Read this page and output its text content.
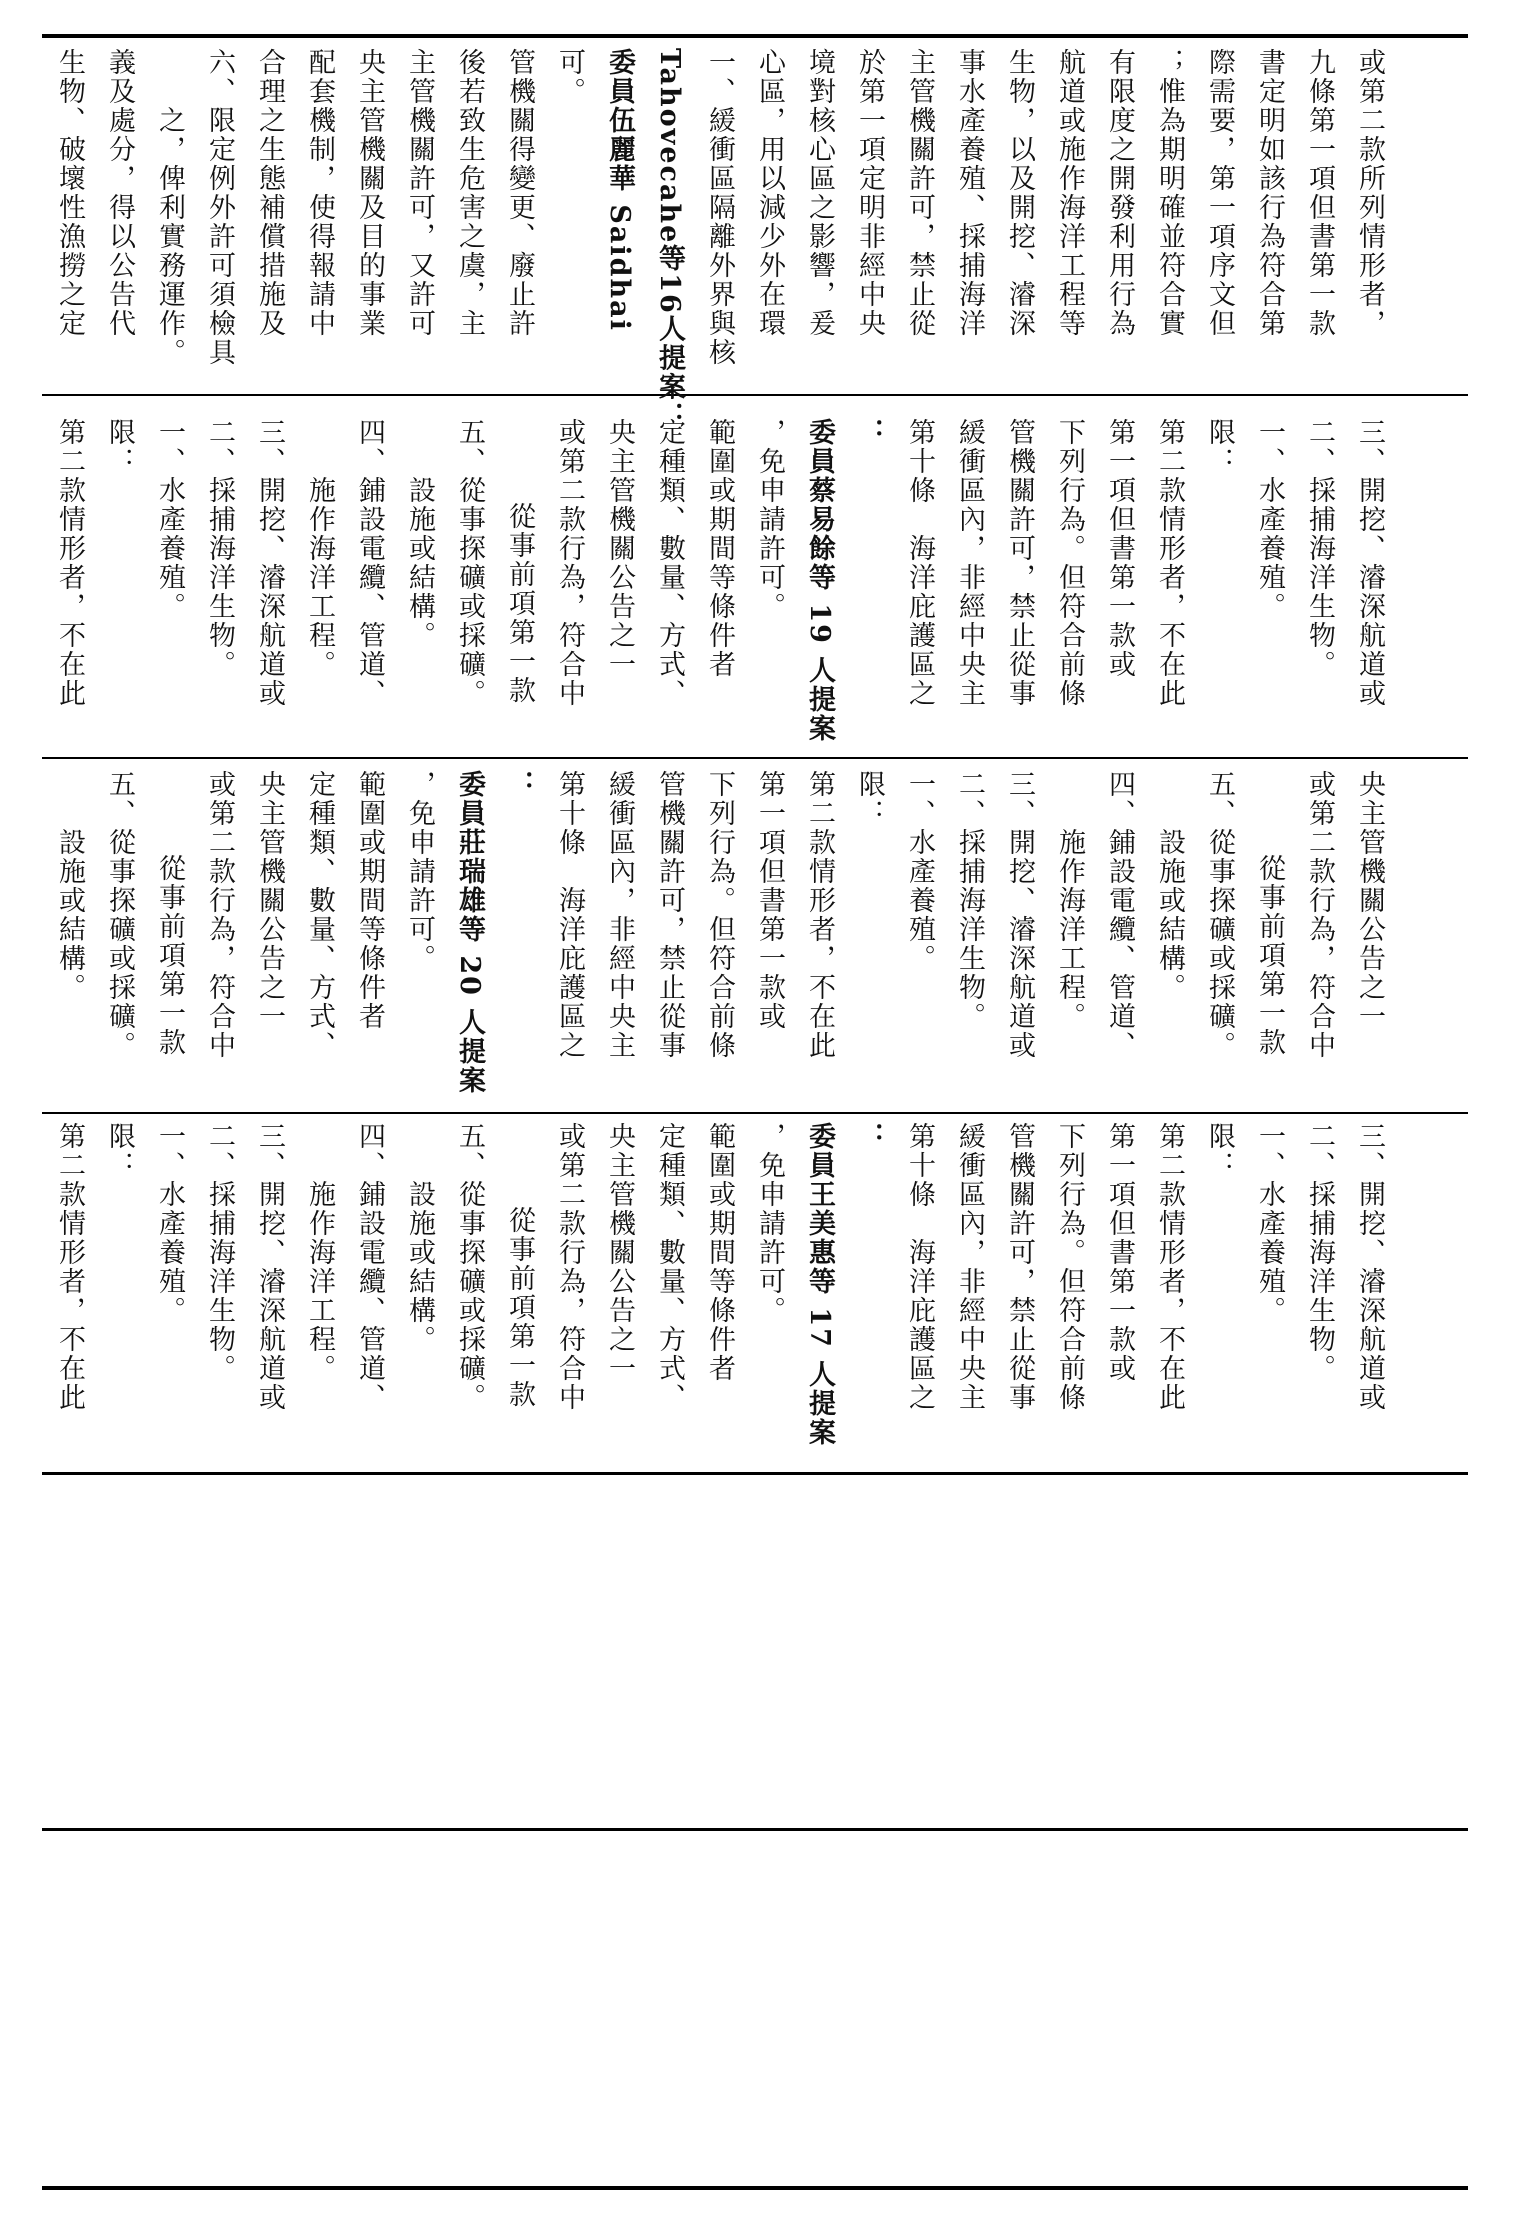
生物、破壞性漁撈之定 義及處分，得以公告代 之，俾利實務運作。 六、限定例外許可須檢具 合理之生態補償措施及 配套機制，使得報請中 央主管機關及目的事業 主管機關許可，又許可 後若致生危害之虞，主 管機關得變更、廢止許 可。 委員伍麗華 Saidhai Tahovecahe等16人提案： 一、緩衝區隔離外界與核 心區，用以減少外在環 境對核心區之影響，爰 於第一項定明非經中央 主管機關許可，禁止從 事水產養殖、採捕海洋 生物，以及開挖、濬深 航道或施作海洋工程等 有限度之開發利用行為 ；惟為期明確並符合實 際需要，第一項序文但 書定明如該行為符合第 九條第一項但書第一款 或第二款所列情形者，
第二款情形者，不在此 限： 一、水產養殖。 二、採捕海洋生物。 三、開挖、濬深航道或 施作海洋工程。 四、鋪設電纜、管道、 設施或結構。 五、從事探礦或採礦。 從事前項第一款 或第二款行為，符合中 央主管機關公告之一 定種類、數量、方式、 範圍或期間等條件者 ，免申請許可。 委員蔡易餘等 19 人提案 ： 第十條　海洋庇護區之 緩衝區內，非經中央主 管機關許可，禁止從事 下列行為。但符合前條 第一項但書第一款或 第二款情形者，不在此 限： 一、水產養殖。 二、採捕海洋生物。 三、開挖、濬深航道或
設施或結構。 五、從事探礦或採礦。 從事前項第一款 或第二款行為，符合中 央主管機關公告之一 定種類、數量、方式、 範圍或期間等條件者 ，免申請許可。 委員莊瑞雄等 20 人提案 ： 第十條　海洋庇護區之 緩衝區內，非經中央主 管機關許可，禁止從事 下列行為。但符合前條 第一項但書第一款或 第二款情形者，不在此 限： 一、水產養殖。 二、採捕海洋生物。 三、開挖、濬深航道或 施作海洋工程。 四、鋪設電纜、管道、 設施或結構。 五、從事探礦或採礦。 從事前項第一款 或第二款行為，符合中 央主管機關公告之一
第二款情形者，不在此 限： 一、水產養殖。 二、採捕海洋生物。 三、開挖、濬深航道或 施作海洋工程。 四、鋪設電纜、管道、 設施或結構。 五、從事探礦或採礦。 從事前項第一款 或第二款行為，符合中 央主管機關公告之一 定種類、數量、方式、 範圍或期間等條件者 ，免申請許可。 委員王美惠等 17 人提案 ： 第十條　海洋庇護區之 緩衝區內，非經中央主 管機關許可，禁止從事 下列行為。但符合前條 第一項但書第一款或 第二款情形者，不在此 限： 一、水產養殖。 二、採捕海洋生物。 三、開挖、濬深航道或
